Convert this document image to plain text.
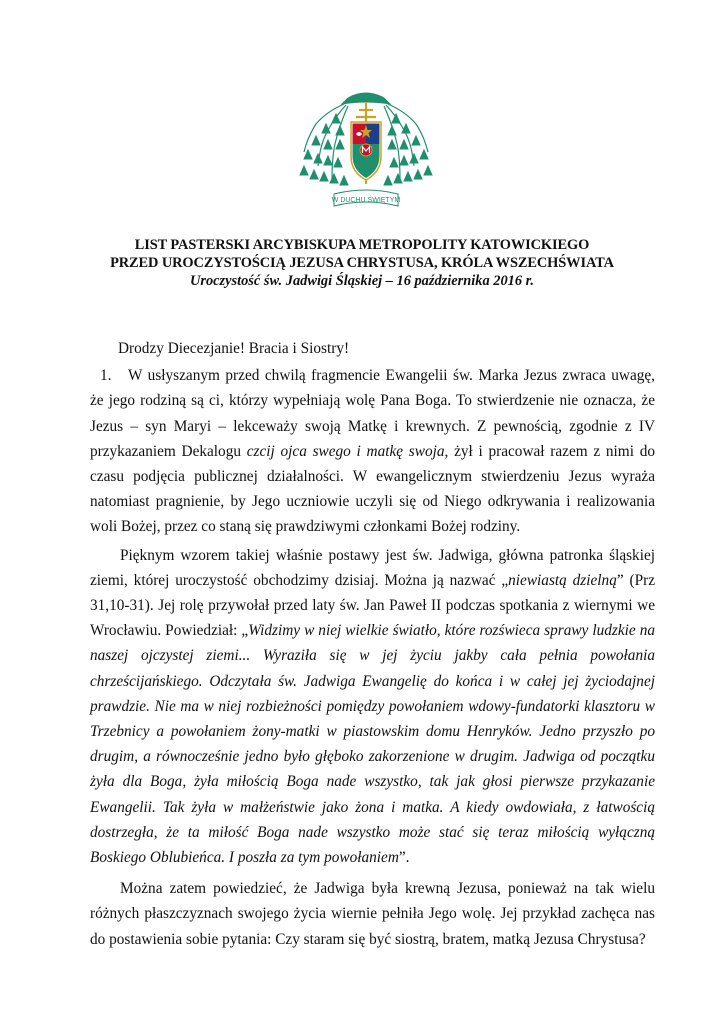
W DUCHU ŚWIĘTYM
LIST PASTERSKI ARCYBISKUPA METROPOLITY KATOWICKIEGO
PRZED UROCZYSTOŚCIĄ JEZUSA CHRYSTUSA, KRÓLA WSZECHŚWIATA
Uroczystość św. Jadwigi Śląskiej – 16 października 2016 r.

Drodzy Diecezjanie! Bracia i Siostry!

1. W usłyszanym przed chwilą fragmencie Ewangelii św. Marka Jezus zwraca uwagę, że jego rodziną są ci, którzy wypełniają wolę Pana Boga. To stwierdzenie nie oznacza, że Jezus – syn Maryi – lekceważy swoją Matkę i krewnych. Z pewnością, zgodnie z IV przykazaniem Dekalogu czcij ojca swego i matkę swoja, żył i pracował razem z nimi do czasu podjęcia publicznej działalności. W ewangelicznym stwierdzeniu Jezus wyraża natomiast pragnienie, by Jego uczniowie uczyli się od Niego odkrywania i realizowania woli Bożej, przez co staną się prawdziwymi członkami Bożej rodziny.

Pięknym wzorem takiej właśnie postawy jest św. Jadwiga, główna patronka śląskiej ziemi, której uroczystość obchodzimy dzisiaj. Można ją nazwać „niewiastą dzielną” (Prz 31,10-31). Jej rolę przywołał przed laty św. Jan Paweł II podczas spotkania z wiernymi we Wrocławiu. Powiedział: „Widzimy w niej wielkie światło, które rozświeca sprawy ludzkie na naszej ojczystej ziemi... Wyraziła się w jej życiu jakby cała pełnia powołania chrześcijańskiego. Odczytała św. Jadwiga Ewangelię do końca i w całej jej życiodajnej prawdzie. Nie ma w niej rozbieżności pomiędzy powołaniem wdowy-fundatorki klasztoru w Trzebnicy a powołaniem żony-matki w piastowskim domu Henryków. Jedno przyszło po drugim, a równocześnie jedno było głęboko zakorzenione w drugim. Jadwiga od początku żyła dla Boga, żyła miłością Boga nade wszystko, tak jak głosi pierwsze przykazanie Ewangelii. Tak żyła w małżeństwie jako żona i matka. A kiedy owdowiała, z łatwością dostrzegła, że ta miłość Boga nade wszystko może stać się teraz miłością wyłączną Boskiego Oblubieńca. I poszła za tym powołaniem”.

Można zatem powiedzieć, że Jadwiga była krewną Jezusa, ponieważ na tak wielu różnych płaszczyznach swojego życia wiernie pełniła Jego wolę. Jej przykład zachęca nas do postawienia sobie pytania: Czy staram się być siostrą, bratem, matką Jezusa Chrystusa?
